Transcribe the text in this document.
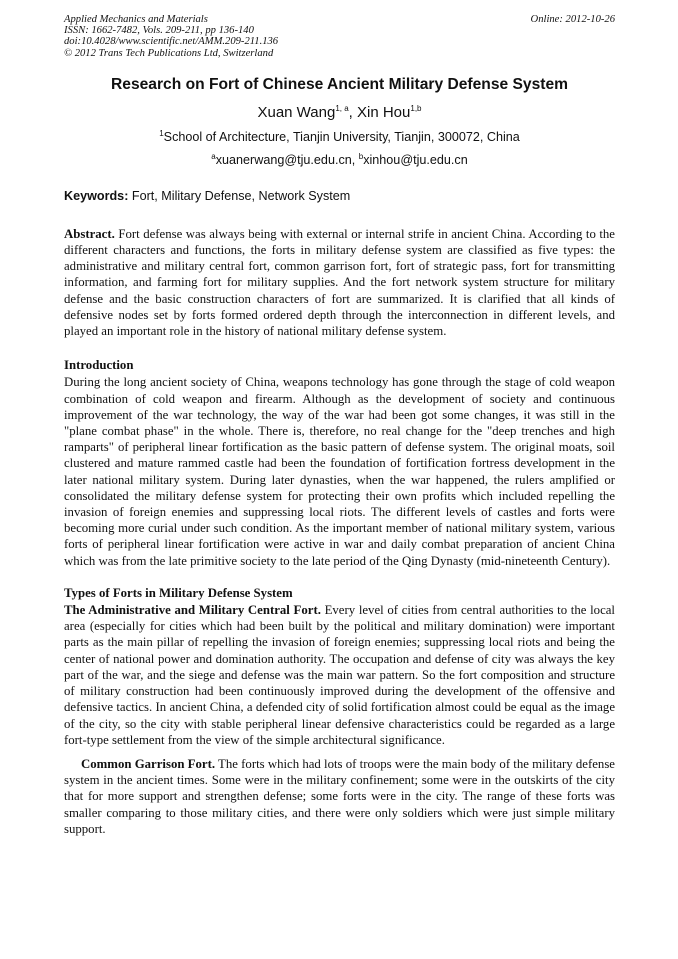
Applied Mechanics and Materials
ISSN: 1662-7482, Vols. 209-211, pp 136-140
doi:10.4028/www.scientific.net/AMM.209-211.136
© 2012 Trans Tech Publications Ltd, Switzerland
Online: 2012-10-26
Research on Fort of Chinese Ancient Military Defense System
Xuan Wang$^{1, a}$, Xin Hou$^{1,b}$
$^1$School of Architecture, Tianjin University, Tianjin, 300072, China
$^a$xuanerwang@tju.edu.cn, $^b$xinhou@tju.edu.cn
Keywords: Fort, Military Defense, Network System

Abstract. Fort defense was always being with external or internal strife in ancient China. According to the different characters and functions, the forts in military defense system are classified as five types: the administrative and military central fort, common garrison fort, fort of strategic pass, fort for transmitting information, and farming fort for military supplies. And the fort network system structure for military defense and the basic construction characters of fort are summarized. It is clarified that all kinds of defensive nodes set by forts formed ordered depth through the interconnection in different levels, and played an important role in the history of national military defense system.

Introduction

During the long ancient society of China, weapons technology has gone through the stage of cold weapon combination of cold weapon and firearm. Although as the development of society and continuous improvement of the war technology, the way of the war had been got some changes, it was still in the "plane combat phase" in the whole. There is, therefore, no real change for the "deep trenches and high ramparts" of peripheral linear fortification as the basic pattern of defense system. The original moats, soil clustered and mature rammed castle had been the foundation of fortification fortress development in the later national military system. During later dynasties, when the war happened, the rulers amplified or consolidated the military defense system for protecting their own profits which included repelling the invasion of foreign enemies and suppressing local riots. The different levels of castles and forts were becoming more curial under such condition. As the important member of national military system, various forts of peripheral linear fortification were active in war and daily combat preparation of ancient China which was from the late primitive society to the late period of the Qing Dynasty (mid-nineteenth Century).

Types of Forts in Military Defense System

The Administrative and Military Central Fort. Every level of cities from central authorities to the local area (especially for cities which had been built by the political and military domination) were important parts as the main pillar of repelling the invasion of foreign enemies; suppressing local riots and being the center of national power and domination authority. The occupation and defense of city was always the key part of the war, and the siege and defense was the main war pattern. So the fort composition and structure of military construction had been continuously improved during the development of the offensive and defensive tactics. In ancient China, a defended city of solid fortification almost could be equal as the image of the city, so the city with stable peripheral linear defensive characteristics could be regarded as a large fort-type settlement from the view of the simple architectural significance.

Common Garrison Fort. The forts which had lots of troops were the main body of the military defense system in the ancient times. Some were in the military confinement; some were in the outskirts of the city that for more support and strengthen defense; some forts were in the city. The range of these forts was smaller comparing to those military cities, and there were only soldiers which were just simple military support.
